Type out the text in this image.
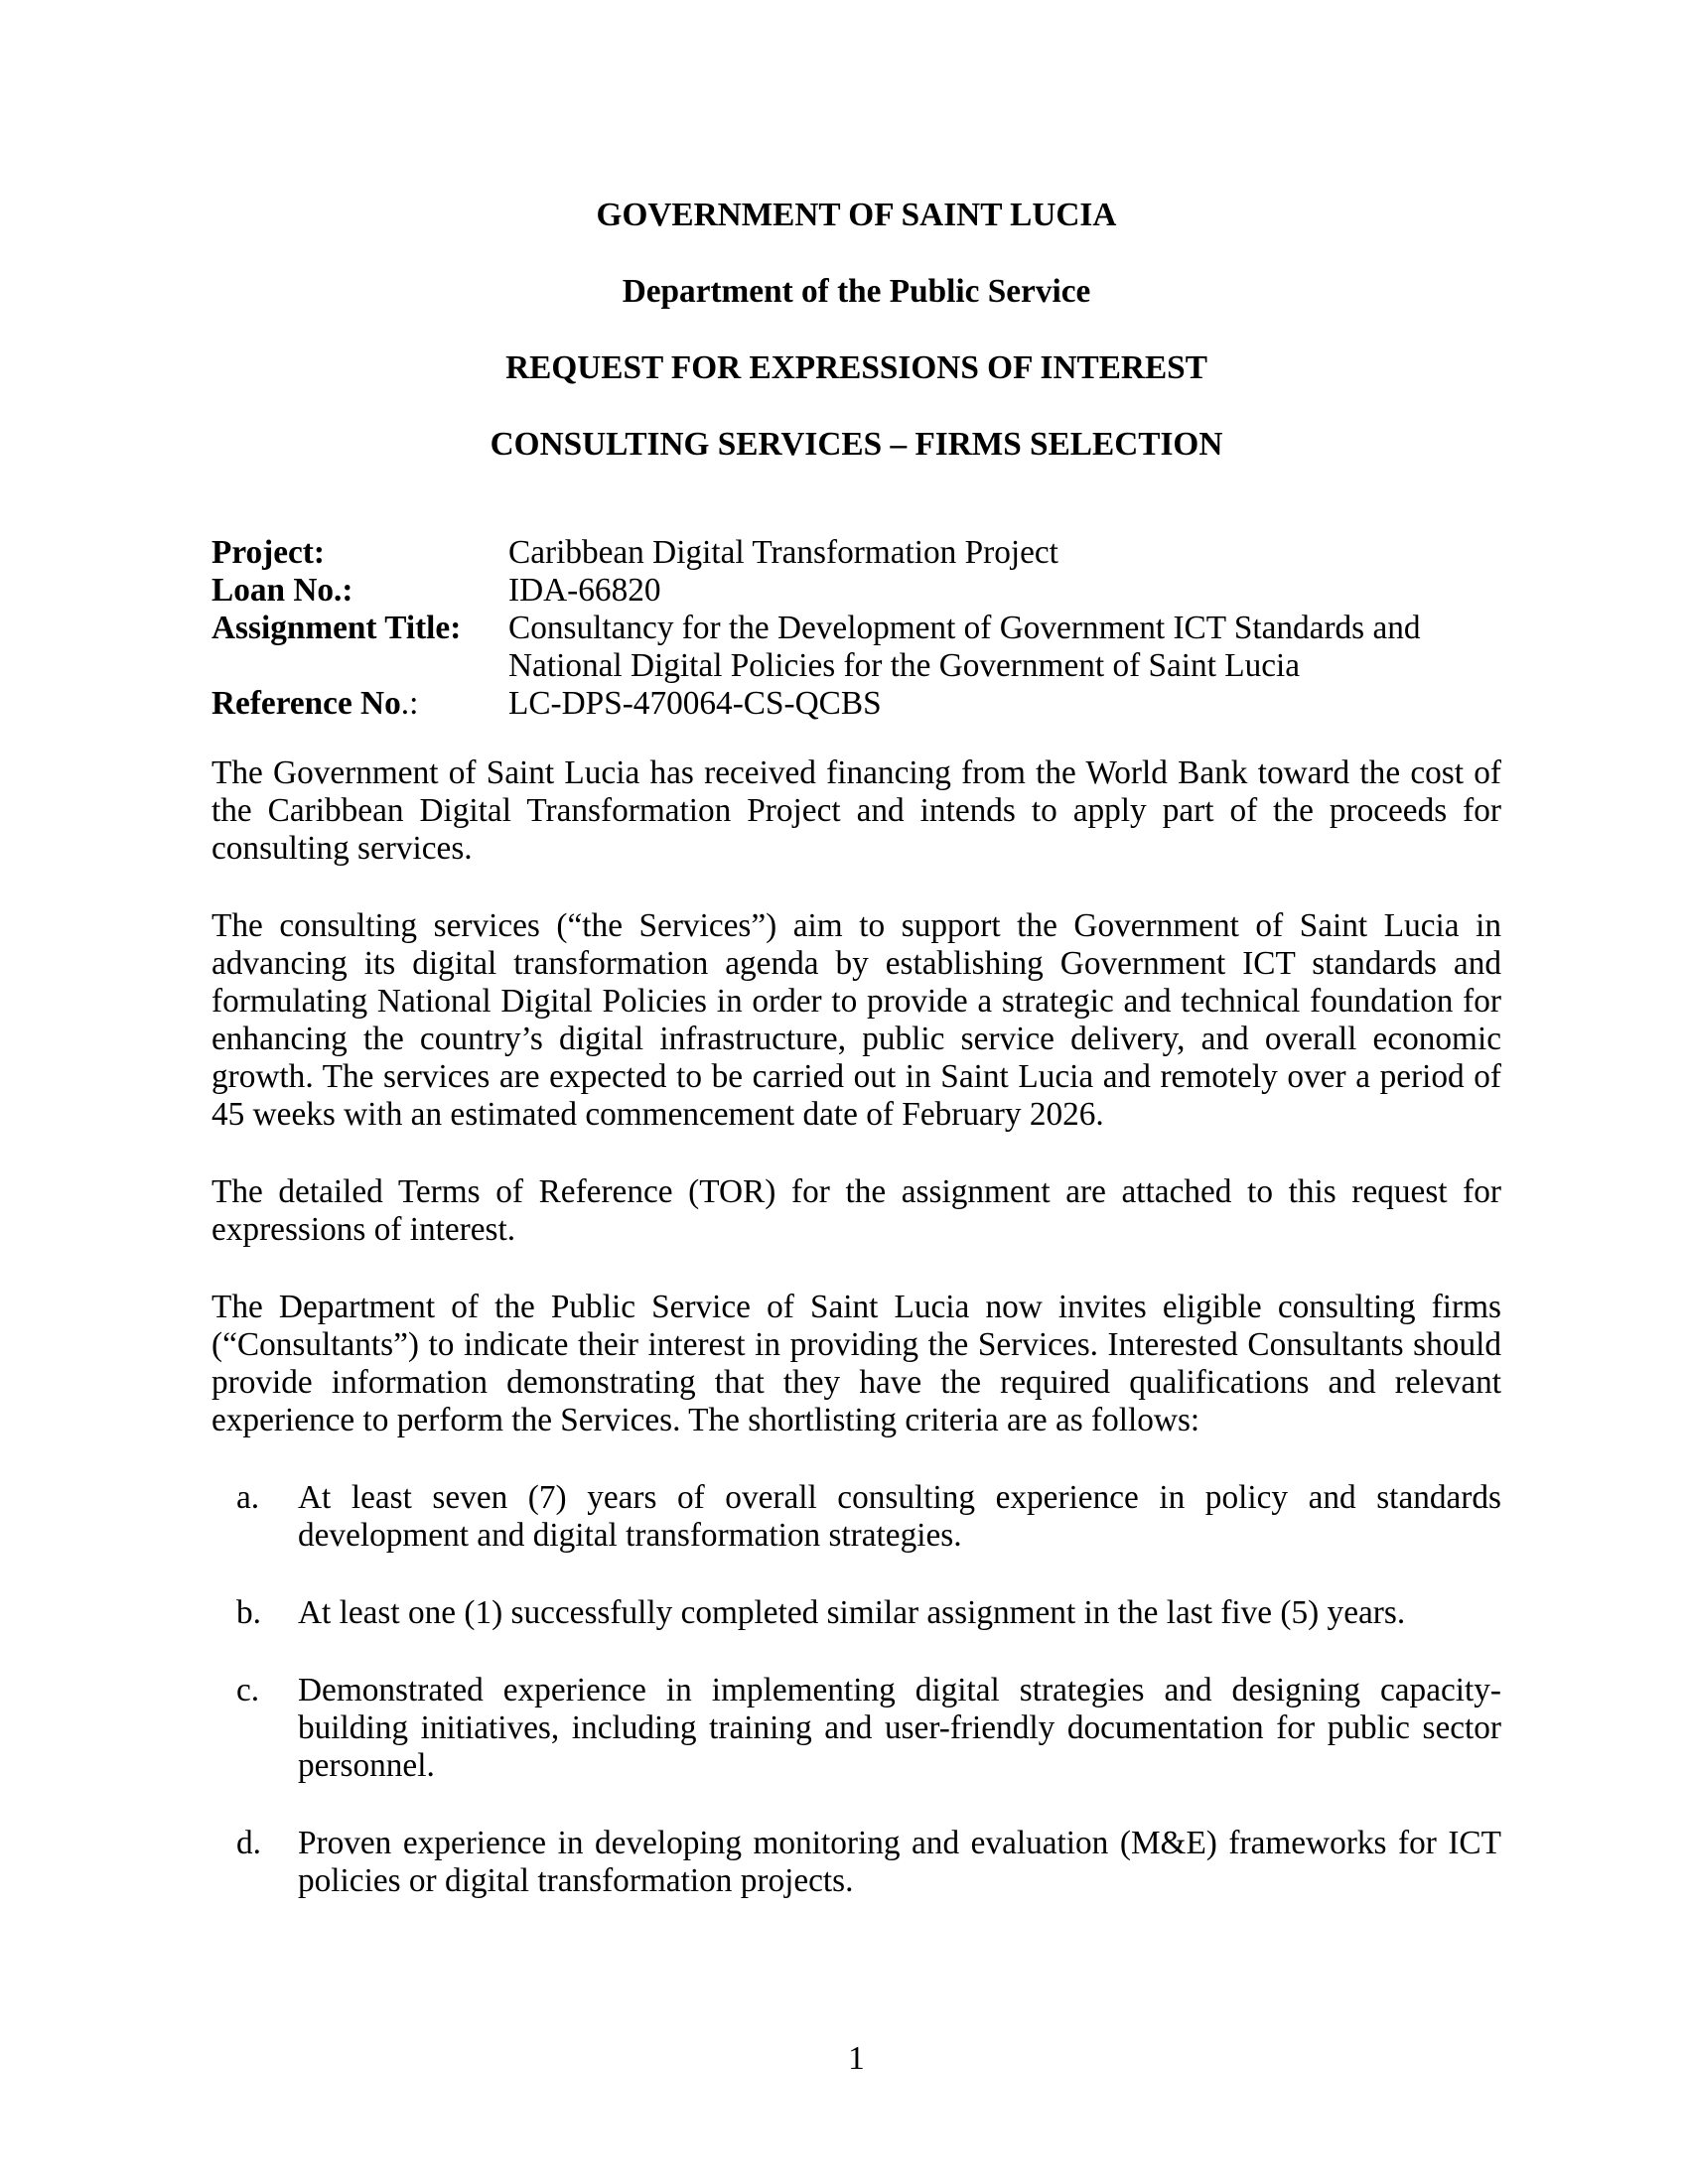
GOVERNMENT OF SAINT LUCIA
Department of the Public Service
REQUEST FOR EXPRESSIONS OF INTEREST
CONSULTING SERVICES – FIRMS SELECTION
Project:	Caribbean Digital Transformation Project
Loan No.:	IDA-66820
Assignment Title:	Consultancy for the Development of Government ICT Standards and National Digital Policies for the Government of Saint Lucia
Reference No.:	LC-DPS-470064-CS-QCBS

The Government of Saint Lucia has received financing from the World Bank toward the cost of the Caribbean Digital Transformation Project and intends to apply part of the proceeds for consulting services.

The consulting services (“the Services”) aim to support the Government of Saint Lucia in advancing its digital transformation agenda by establishing Government ICT standards and formulating National Digital Policies in order to provide a strategic and technical foundation for enhancing the country’s digital infrastructure, public service delivery, and overall economic growth. The services are expected to be carried out in Saint Lucia and remotely over a period of 45 weeks with an estimated commencement date of February 2026.

The detailed Terms of Reference (TOR) for the assignment are attached to this request for expressions of interest.

The Department of the Public Service of Saint Lucia now invites eligible consulting firms (“Consultants”) to indicate their interest in providing the Services. Interested Consultants should provide information demonstrating that they have the required qualifications and relevant experience to perform the Services. The shortlisting criteria are as follows:

a.	At least seven (7) years of overall consulting experience in policy and standards development and digital transformation strategies.
b.	At least one (1) successfully completed similar assignment in the last five (5) years.
c.	Demonstrated experience in implementing digital strategies and designing capacity-building initiatives, including training and user-friendly documentation for public sector personnel.
d.	Proven experience in developing monitoring and evaluation (M&E) frameworks for ICT policies or digital transformation projects.
1
